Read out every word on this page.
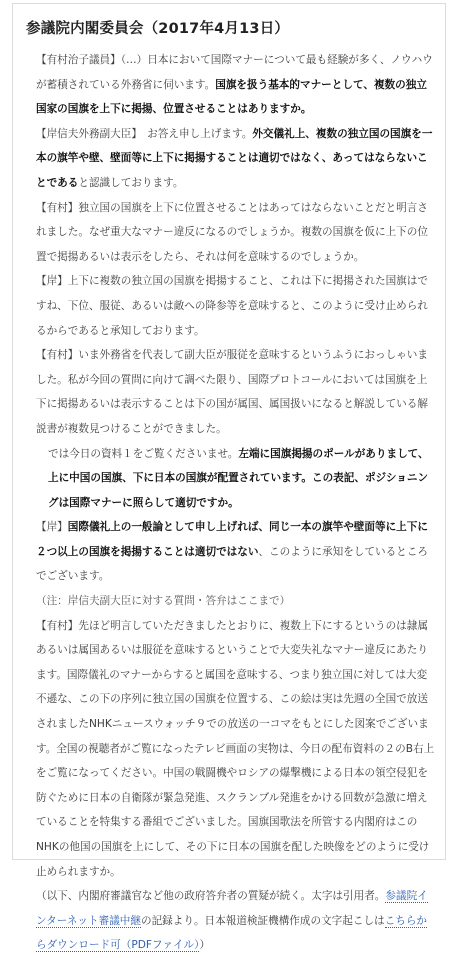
参議院内閣委員会（2017年4月13日）

【有村治子議員】（…）日本において国際マナーについて最も経験が多く、ノウハウが蓄積されている外務省に伺います。国旗を扱う基本的マナーとして、複数の独立国家の国旗を上下に掲揚、位置させることはありますか。

【岸信夫外務副大臣】　お答え申し上げます。外交儀礼上、複数の独立国の国旗を一本の旗竿や壁、壁面等に上下に掲揚することは適切ではなく、あってはならないことであると認識しております。

【有村】独立国の国旗を上下に位置させることはあってはならないことだと明言されました。なぜ重大なマナー違反になるのでしょうか。複数の国旗を仮に上下の位置で掲揚あるいは表示をしたら、それは何を意味するのでしょうか。

【岸】上下に複数の独立国の国旗を掲揚すること、これは下に掲揚された国旗はですね、下位、服従、あるいは敵への降参等を意味すると、このように受け止められるからであると承知しております。

【有村】いま外務省を代表して副大臣が服従を意味するというふうにおっしゃいました。私が今回の質問に向けて調べた限り、国際プロトコールにおいては国旗を上下に掲揚あるいは表示することは下の国が属国、属国扱いになると解説している解説書が複数見つけることができました。

では今日の資料１をご覧くださいませ。左端に国旗掲揚のポールがありまして、上に中国の国旗、下に日本の国旗が配置されています。この表記、ポジショニングは国際マナーに照らして適切ですか。

【岸】国際儀礼上の一般論として申し上げれば、同じ一本の旗竿や壁面等に上下に２つ以上の国旗を掲揚することは適切ではない、このように承知をしているところでございます。

（注：岸信夫副大臣に対する質問・答弁はここまで）

【有村】先ほど明言していただきましたとおりに、複数上下にするというのは隷属あるいは属国あるいは服従を意味するということで大変失礼なマナー違反にあたります。国際儀礼のマナーからすると属国を意味する、つまり独立国に対しては大変不遜な、この下の序列に独立国の国旗を位置する、この絵は実は先週の全国で放送されましたNHKニュースウォッチ９での放送の一コマをもとにした図案でございます。全国の視聴者がご覧になったテレビ画面の実物は、今日の配布資料の２のB右上をご覧になってください。中国の戦闘機やロシアの爆撃機による日本の領空侵犯を防ぐために日本の自衛隊が緊急発進、スクランブル発進をかける回数が急激に増えていることを特集する番組でございました。国旗国歌法を所管する内閣府はこのNHKの他国の国旗を上にして、その下に日本の国旗を配した映像をどのように受け止められますか。

（以下、内閣府審議官など他の政府答弁者の質疑が続く。太字は引用者。参議院インターネット審議中継の記録より。日本報道検証機構作成の文字起こしはこちらからダウンロード可（PDFファイル））
